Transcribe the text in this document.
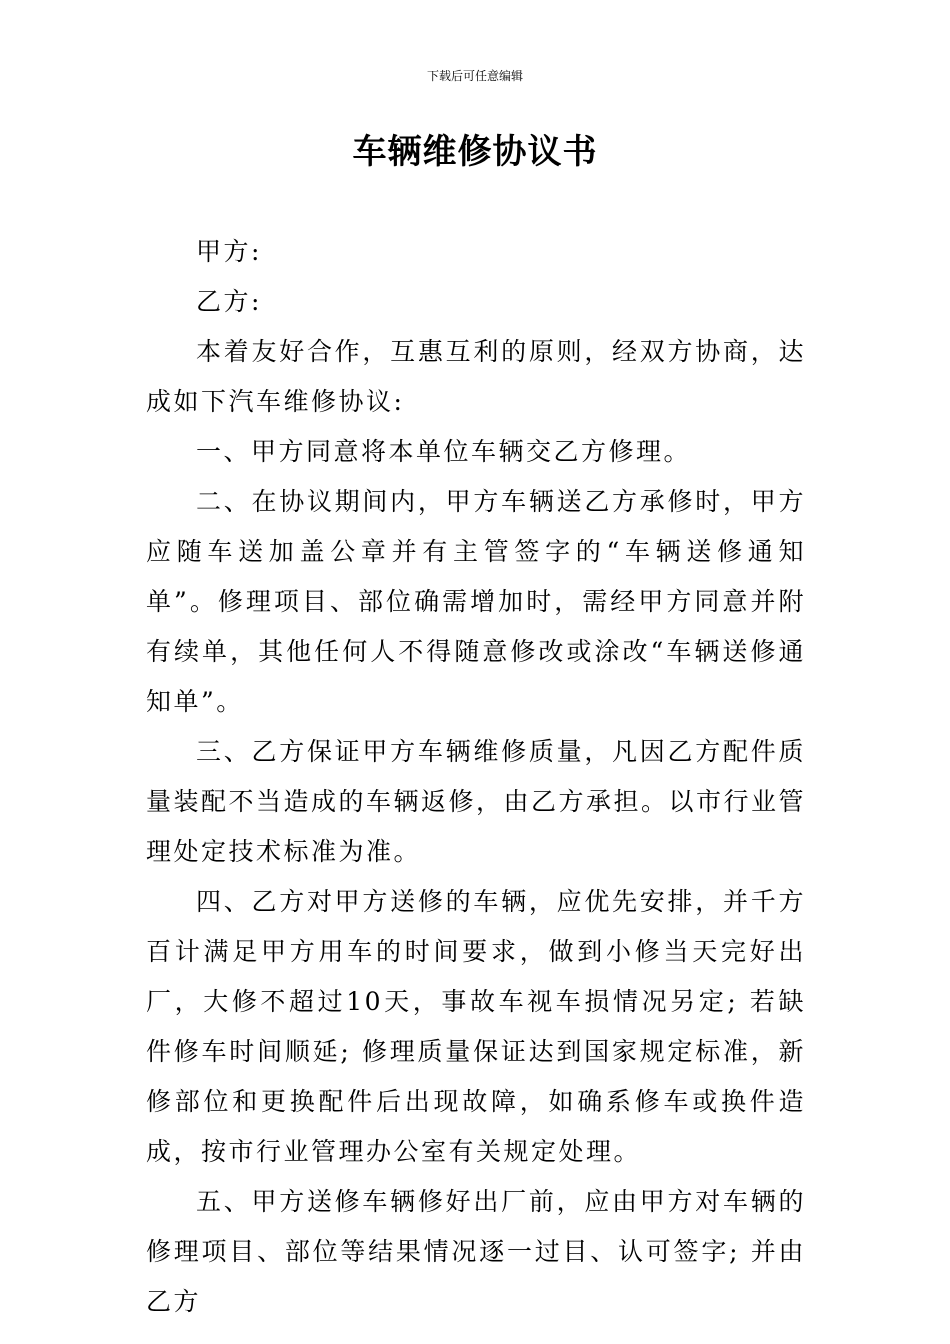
下载后可任意编辑
车辆维修协议书

甲方:

乙方:

本着友好合作，互惠互利的原则，经双方协商，达成如下汽车维修协议:

一、甲方同意将本单位车辆交乙方修理。

二、在协议期间内，甲方车辆送乙方承修时，甲方应随车送加盖公章并有主管签字的“车辆送修通知单”。修理项目、部位确需增加时，需经甲方同意并附有续单，其他任何人不得随意修改或涂改“车辆送修通知单”。

三、乙方保证甲方车辆维修质量，凡因乙方配件质量装配不当造成的车辆返修，由乙方承担。以市行业管理处定技术标准为准。

四、乙方对甲方送修的车辆，应优先安排，并千方百计满足甲方用车的时间要求，做到小修当天完好出厂，大修不超过10天，事故车视车损情况另定; 若缺件修车时间顺延; 修理质量保证达到国家规定标准，新修部位和更换配件后出现故障，如确系修车或换件造成，按市行业管理办公室有关规定处理。

五、甲方送修车辆修好出厂前，应由甲方对车辆的修理项目、部位等结果情况逐一过目、认可签字; 并由乙方
